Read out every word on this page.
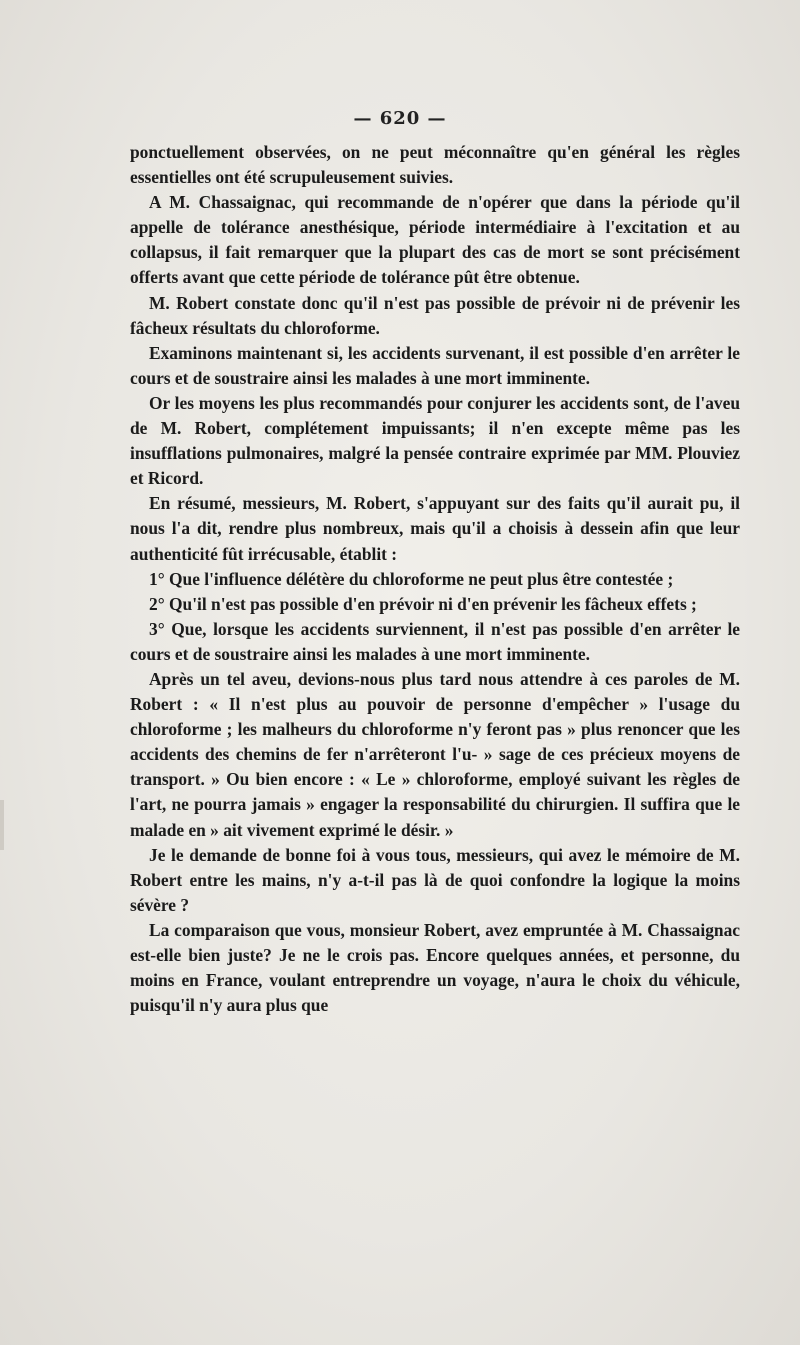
— 620 —

ponctuellement observées, on ne peut méconnaître qu'en général les règles essentielles ont été scrupuleusement suivies.

A M. Chassaignac, qui recommande de n'opérer que dans la période qu'il appelle de tolérance anesthésique, période intermédiaire à l'excitation et au collapsus, il fait remarquer que la plupart des cas de mort se sont précisément offerts avant que cette période de tolérance pût être obtenue.

M. Robert constate donc qu'il n'est pas possible de prévoir ni de prévenir les fâcheux résultats du chloroforme.

Examinons maintenant si, les accidents survenant, il est possible d'en arrêter le cours et de soustraire ainsi les malades à une mort imminente.

Or les moyens les plus recommandés pour conjurer les accidents sont, de l'aveu de M. Robert, complétement impuissants; il n'en excepte même pas les insufflations pulmonaires, malgré la pensée contraire exprimée par MM. Plouviez et Ricord.

En résumé, messieurs, M. Robert, s'appuyant sur des faits qu'il aurait pu, il nous l'a dit, rendre plus nombreux, mais qu'il a choisis à dessein afin que leur authenticité fût irrécusable, établit :

1° Que l'influence délétère du chloroforme ne peut plus être contestée ;

2° Qu'il n'est pas possible d'en prévoir ni d'en prévenir les fâcheux effets ;

3° Que, lorsque les accidents surviennent, il n'est pas possible d'en arrêter le cours et de soustraire ainsi les malades à une mort imminente.

Après un tel aveu, devions-nous plus tard nous attendre à ces paroles de M. Robert : « Il n'est plus au pouvoir de personne d'empêcher » l'usage du chloroforme ; les malheurs du chloroforme n'y feront pas » plus renoncer que les accidents des chemins de fer n'arrêteront l'u- » sage de ces précieux moyens de transport. » Ou bien encore : « Le » chloroforme, employé suivant les règles de l'art, ne pourra jamais » engager la responsabilité du chirurgien. Il suffira que le malade en » ait vivement exprimé le désir. »

Je le demande de bonne foi à vous tous, messieurs, qui avez le mémoire de M. Robert entre les mains, n'y a-t-il pas là de quoi confondre la logique la moins sévère ?

La comparaison que vous, monsieur Robert, avez empruntée à M. Chassaignac est-elle bien juste? Je ne le crois pas. Encore quelques années, et personne, du moins en France, voulant entreprendre un voyage, n'aura le choix du véhicule, puisqu'il n'y aura plus que
